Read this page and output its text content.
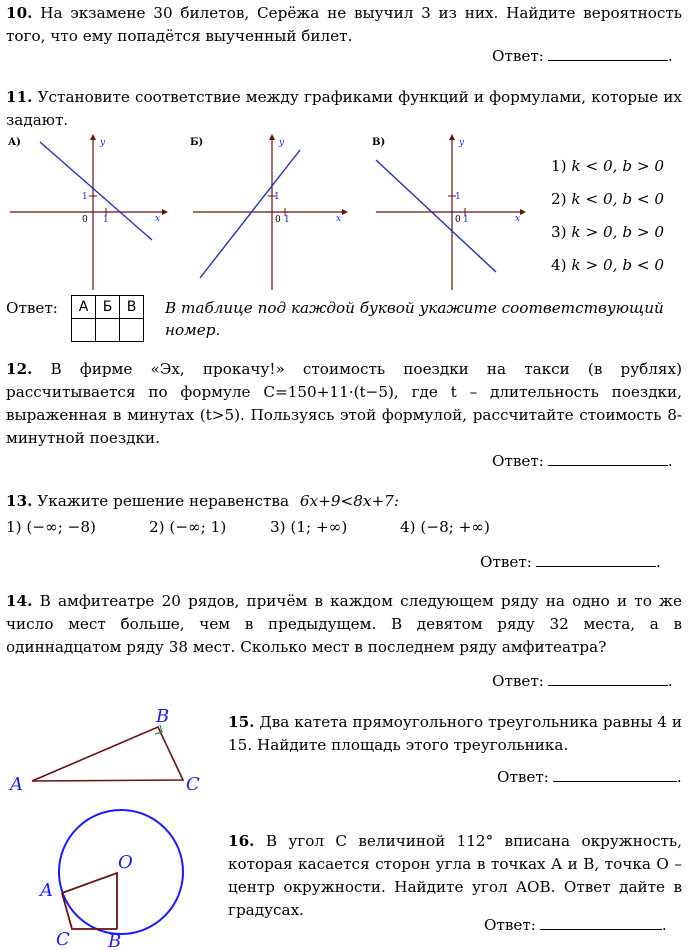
10. На экзамене 30 билетов, Серёжа не выучил 3 из них. Найдите вероятность того, что ему попадётся выученный билет.

Ответ:	.

11. Установите соответствие между графиками функций и формулами, которые их задают.

А)	y
x
1
0 1
Б)	y
x
1
0 1
В)	y
x
1
0 1
1) k < 0, b > 0
2) k < 0, b < 0
3) k > 0, b > 0
4) k > 0, b < 0
Ответ: А	Б	В
		В таблице под каждой буквой укажите соответствующий номер.

12. В фирме «Эх, прокачу!» стоимость поездки на такси (в рублях) рассчитывается по формуле C=150+11·(t−5), где t – длительность поездки, выраженная в минутах (t>5). Пользуясь этой формулой, рассчитайте стоимость 8-минутной поездки.

Ответ:	.

13. Укажите решение неравенства 6x+9<8x+7:

1) (−∞; −8)	2) (−∞; 1)	3) (1; +∞)	4) (−8; +∞)
Ответ:	.

14. В амфитеатре 20 рядов, причём в каждом следующем ряду на одно и то же число мест больше, чем в предыдущем. В девятом ряду 32 места, а в одиннадцатом ряду 38 мест. Сколько мест в последнем ряду амфитеатра?

Ответ:	.
A
B
C

15. Два катета прямоугольного треугольника равны 4 и 15. Найдите площадь этого треугольника.

Ответ:	.
O
A
C B

16. В угол C величиной 112° вписана окружность, которая касается сторон угла в точках A и B, точка O – центр окружности. Найдите угол AOB. Ответ дайте в градусах.

Ответ:	.
